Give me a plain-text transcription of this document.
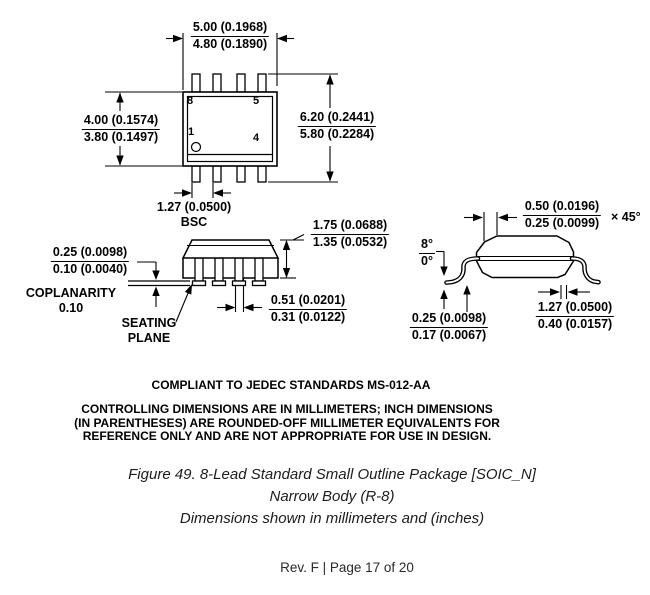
8	5
1	4
5.00 (0.1968)
4.80 (0.1890)
4.00 (0.1574)
3.80 (0.1497)
6.20 (0.2441)
5.80 (0.2284)
1.27 (0.0500)
BSC	1.75 (0.0688)
1.35 (0.0532)
0.25 (0.0098)
0.10 (0.0040)
COPLANARITY
0.10
SEATING
PLANE
0.51 (0.0201)
0.31 (0.0122)
0.50 (0.0196)
0.25 (0.0099) × 45°
8°
0°
0.25 (0.0098)
0.17 (0.0067)
1.27 (0.0500)
0.40 (0.0157)
COMPLIANT TO JEDEC STANDARDS MS-012-AA
CONTROLLING DIMENSIONS ARE IN MILLIMETERS; INCH DIMENSIONS
(IN PARENTHESES) ARE ROUNDED-OFF MILLIMETER EQUIVALENTS FOR
REFERENCE ONLY AND ARE NOT APPROPRIATE FOR USE IN DESIGN.
Figure 49. 8-Lead Standard Small Outline Package [SOIC_N]
Narrow Body (R-8)
Dimensions shown in millimeters and (inches)
Rev. F | Page 17 of 20
